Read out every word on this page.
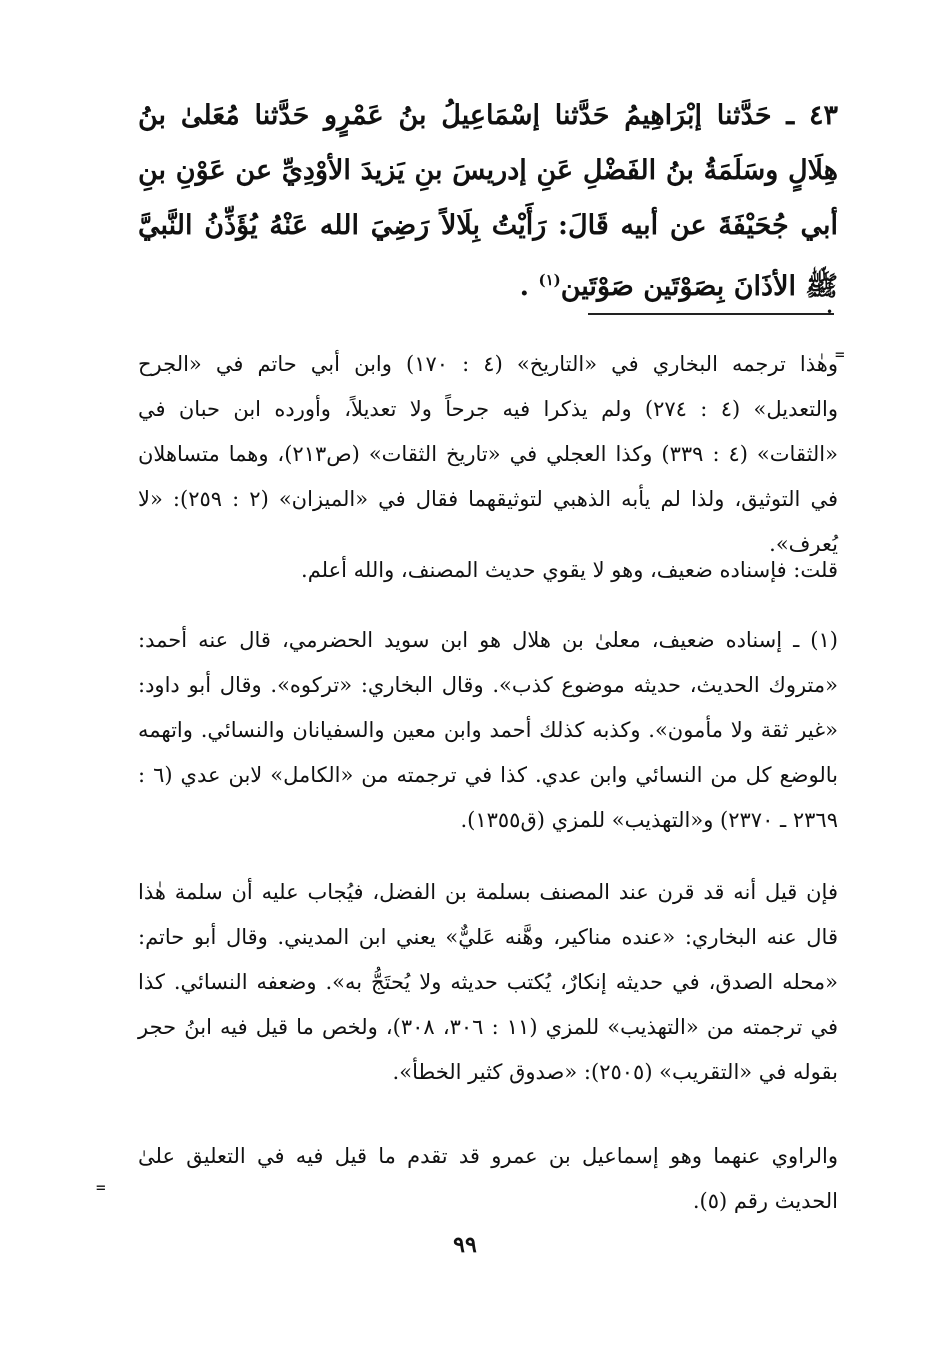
٤٣ ـ حَدَّثنا إبْرَاهِيمُ حَدَّثنا إسْمَاعِيلُ بنُ عَمْرٍو حَدَّثنا مُعَلىٰ بنُ هِلَالٍ وسَلَمَةُ بنُ الفَضْلِ عَنِ إدريسَ بنِ يَزيدَ الأوْدِيِّ عن عَوْنِ بنِ أبي جُحَيْفَةَ عن أبيه قَالَ: رَأَيْتُ بِلَالاً رَضِيَ الله عَنْهُ يُؤَذِّنُ النَّبيَّ ﷺ الأذَانَ بِصَوْتَين صَوْتَين$^{(١)}$ .

•
=

وهٰذا ترجمه البخاري في «التاريخ» (٤ : ١٧٠) وابن أبي حاتم في «الجرح والتعديل» (٤ : ٢٧٤) ولم يذكرا فيه جرحاً ولا تعديلاً، وأورده ابن حبان في «الثقات» (٤ : ٣٣٩) وكذا العجلي في «تاريخ الثقات» (ص٢١٣)، وهما متساهلان في التوثيق، ولذا لم يأبه الذهبي لتوثيقهما فقال في «الميزان» (٢ : ٢٥٩): «لا يُعرف».

قلت: فإسناده ضعيف، وهو لا يقوي حديث المصنف، والله أعلم.

(١) ـ إسناده ضعيف، معلىٰ بن هلال هو ابن سويد الحضرمي، قال عنه أحمد: «متروك الحديث، حديثه موضوع كذب». وقال البخاري: «تركوه». وقال أبو داود: «غير ثقة ولا مأمون». وكذبه كذلك أحمد وابن معين والسفيانان والنسائي. واتهمه بالوضع كل من النسائي وابن عدي. كذا في ترجمته من «الكامل» لابن عدي (٦ : ٢٣٦٩ ـ ٢٣٧٠) و«التهذيب» للمزي (ق١٣٥٥).

فإن قيل أنه قد قرن عند المصنف بسلمة بن الفضل، فيُجاب عليه أن سلمة هٰذا قال عنه البخاري: «عنده مناكير، وهَّنه عَليٌّ» يعني ابن المديني. وقال أبو حاتم: «محله الصدق، في حديثه إنكارٌ، يُكتب حديثه ولا يُحتَجُّ به». وضعفه النسائي. كذا في ترجمته من «التهذيب» للمزي (١١ : ٣٠٦، ٣٠٨)، ولخص ما قيل فيه ابنُ حجر بقوله في «التقريب» (٢٥٠٥): «صدوق كثير الخطأ».

والراوي عنهما وهو إسماعيل بن عمرو قد تقدم ما قيل فيه في التعليق علىٰ الحديث رقم (٥).

=
٩٩
